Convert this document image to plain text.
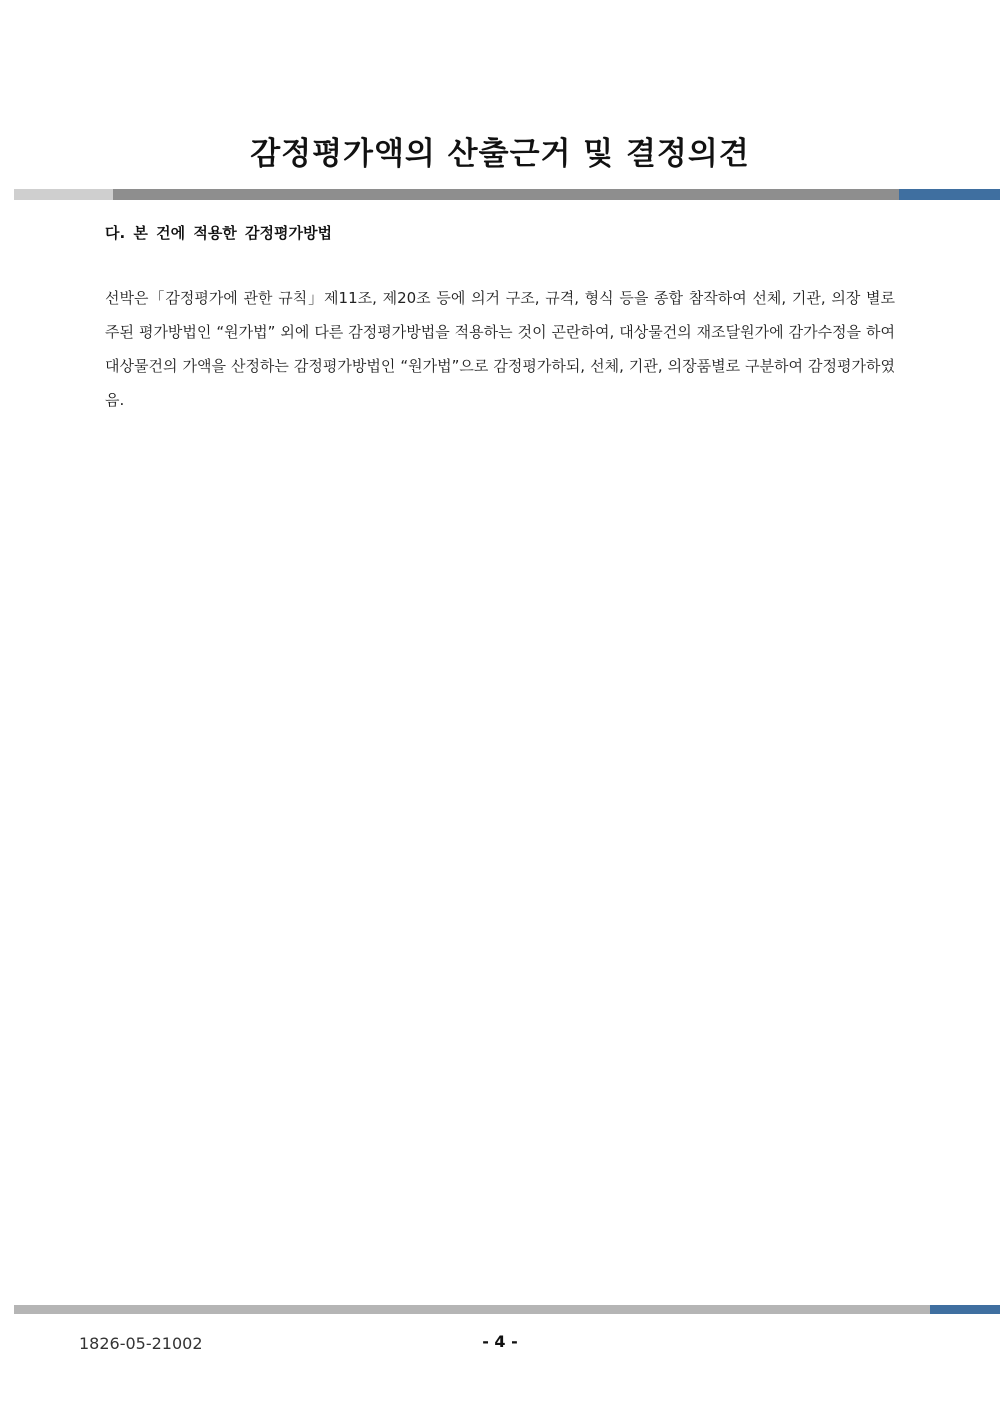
감정평가액의 산출근거 및 결정의견
다. 본 건에 적용한 감정평가방법
선박은「감정평가에 관한 규칙」제11조, 제20조 등에 의거 구조, 규격, 형식 등을 종합 참작하여 선체, 기관, 의장 별로 주된 평가방법인 “원가법” 외에 다른 감정평가방법을 적용하는 것이 곤란하여, 대상물건의 재조달원가에 감가수정을 하여 대상물건의 가액을 산정하는 감정평가방법인 “원가법”으로 감정평가하되, 선체, 기관, 의장품별로 구분하여 감정평가하였음.
1826-05-21002	- 4 -
